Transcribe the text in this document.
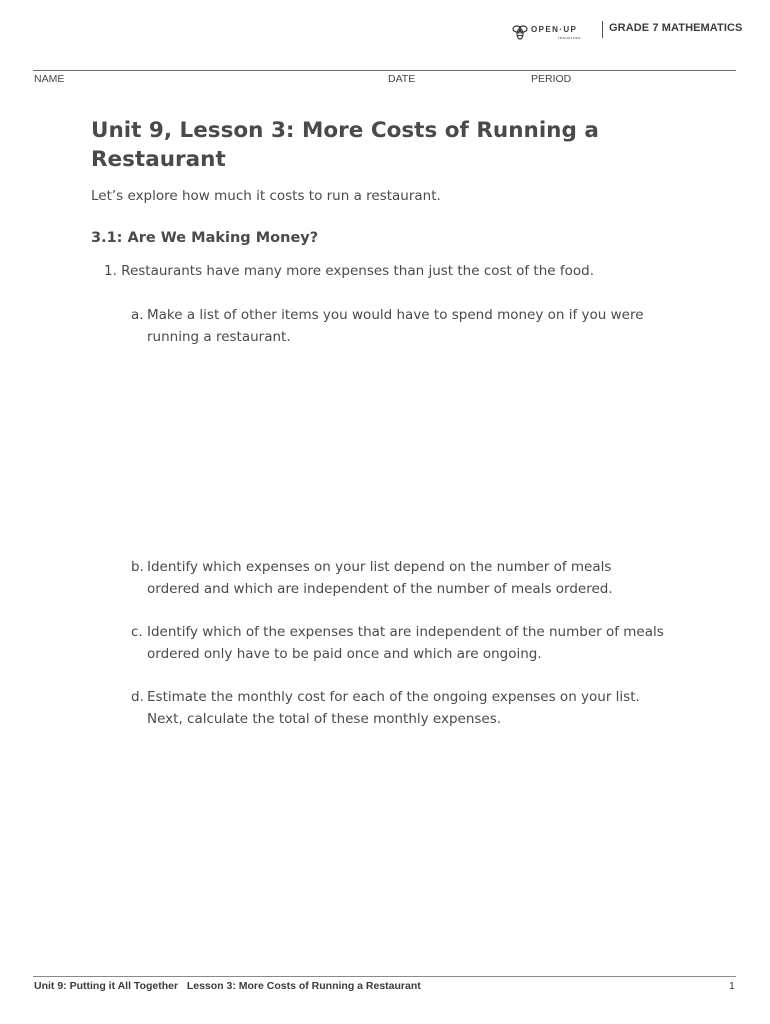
OPEN·UP
resources
GRADE 7 MATHEMATICS
NAME	DATE	PERIOD
Unit 9, Lesson 3: More Costs of Running a Restaurant
Let’s explore how much it costs to run a restaurant.
3.1: Are We Making Money?
1. Restaurants have many more expenses than just the cost of the food.
a. Make a list of other items you would have to spend money on if you were running a restaurant.
b. Identify which expenses on your list depend on the number of meals ordered and which are independent of the number of meals ordered.
c. Identify which of the expenses that are independent of the number of meals ordered only have to be paid once and which are ongoing.
d. Estimate the monthly cost for each of the ongoing expenses on your list. Next, calculate the total of these monthly expenses.
Unit 9: Putting it All Together   Lesson 3: More Costs of Running a Restaurant	1
